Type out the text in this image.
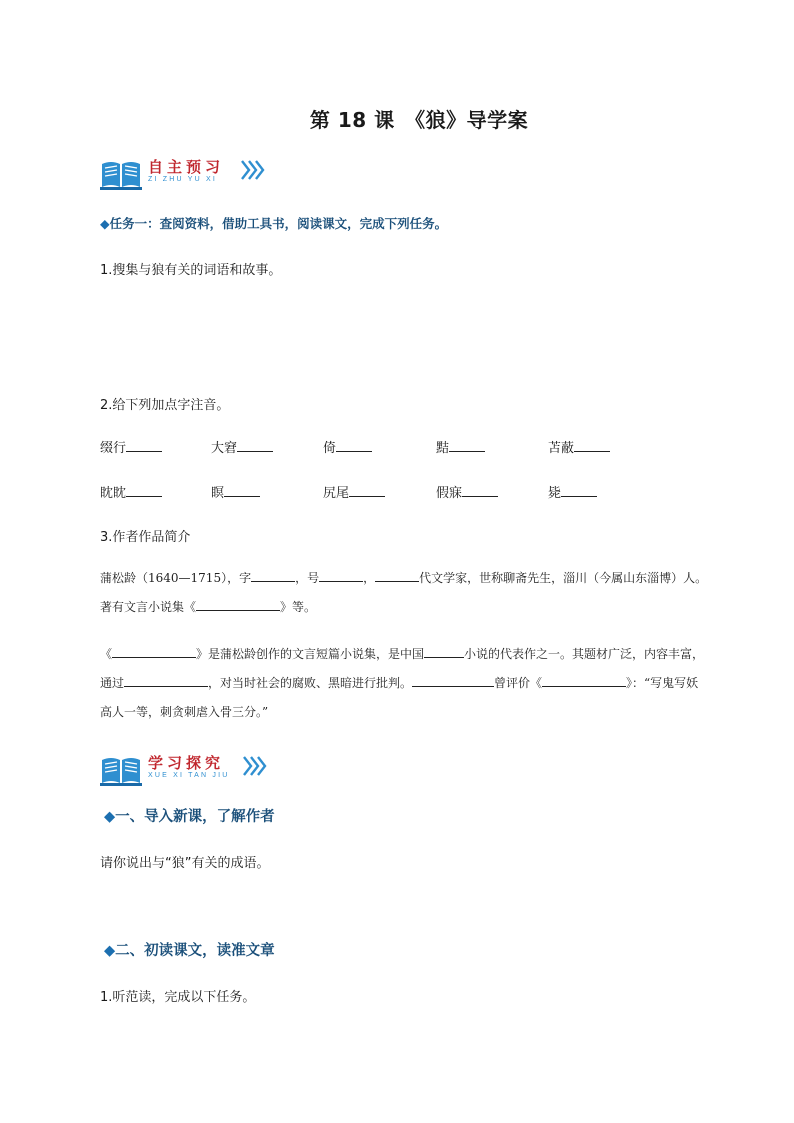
第 18 课　《狼》导学案
自主预习
ZI ZHU YU XI
◆任务一：查阅资料，借助工具书，阅读课文，完成下列任务。
1.搜集与狼有关的词语和故事。
2.给下列加点字注音。
缀行	大窘	倚	黠	苫蔽
眈眈	瞑	尻尾	假寐	毙
3.作者作品简介
蒲松龄（1640—1715），字	，号	，	代文学家，世称聊斋先生，淄川（今属山东淄博）人。著有文言小说集《	》等。
《	》是蒲松龄创作的文言短篇小说集，是中国	小说的代表作之一。其题材广泛，内容丰富，通过	，对当时社会的腐败、黑暗进行批判。	曾评价《	》：“写鬼写妖高人一等，刺贪刺虐入骨三分。”
学习探究
XUE XI TAN JIU
◆一、导入新课，了解作者
请你说出与“狼”有关的成语。
◆二、初读课文，读准文章
1.听范读，完成以下任务。
